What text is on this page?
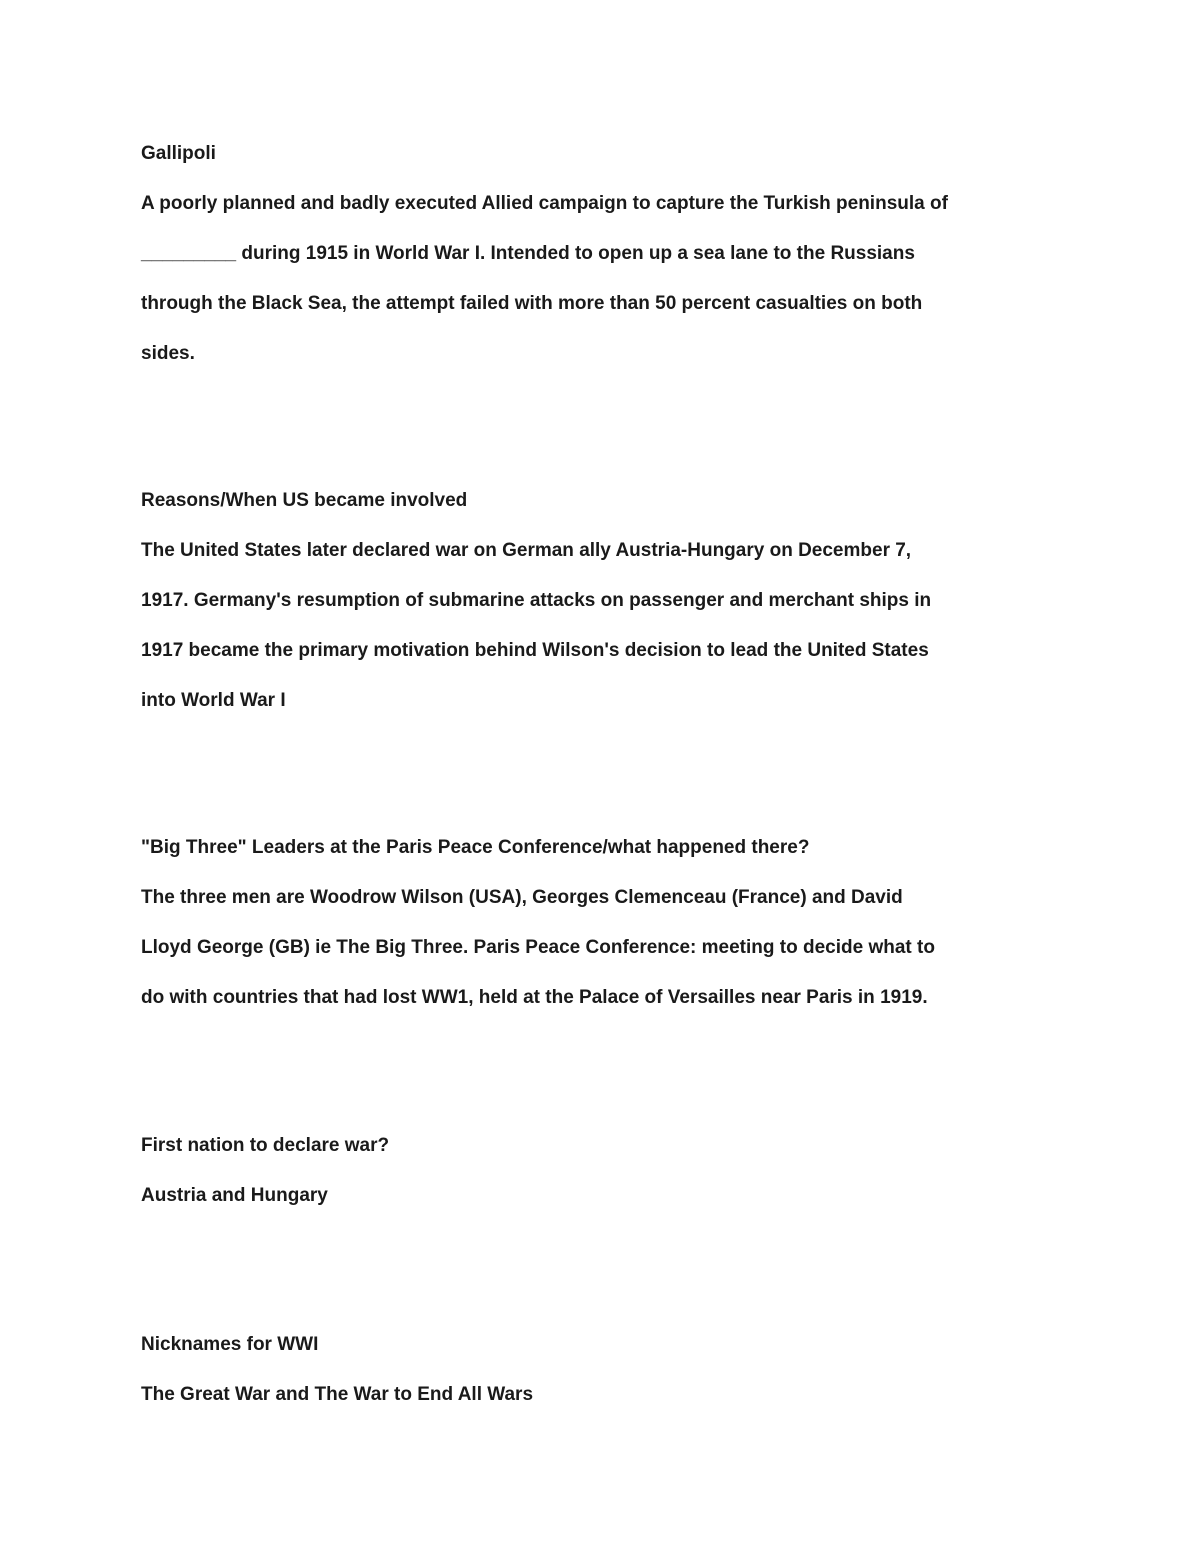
Gallipoli

A poorly planned and badly executed Allied campaign to capture the Turkish peninsula of

_________ during 1915 in World War I. Intended to open up a sea lane to the Russians

through the Black Sea, the attempt failed with more than 50 percent casualties on both

sides.

Reasons/When US became involved

The United States later declared war on German ally Austria-Hungary on December 7,

1917. Germany's resumption of submarine attacks on passenger and merchant ships in

1917 became the primary motivation behind Wilson's decision to lead the United States

into World War I

"Big Three" Leaders at the Paris Peace Conference/what happened there?

The three men are Woodrow Wilson (USA), Georges Clemenceau (France) and David

Lloyd George (GB) ie The Big Three. Paris Peace Conference: meeting to decide what to

do with countries that had lost WW1, held at the Palace of Versailles near Paris in 1919.

First nation to declare war?

Austria and Hungary

Nicknames for WWI

The Great War and The War to End All Wars
